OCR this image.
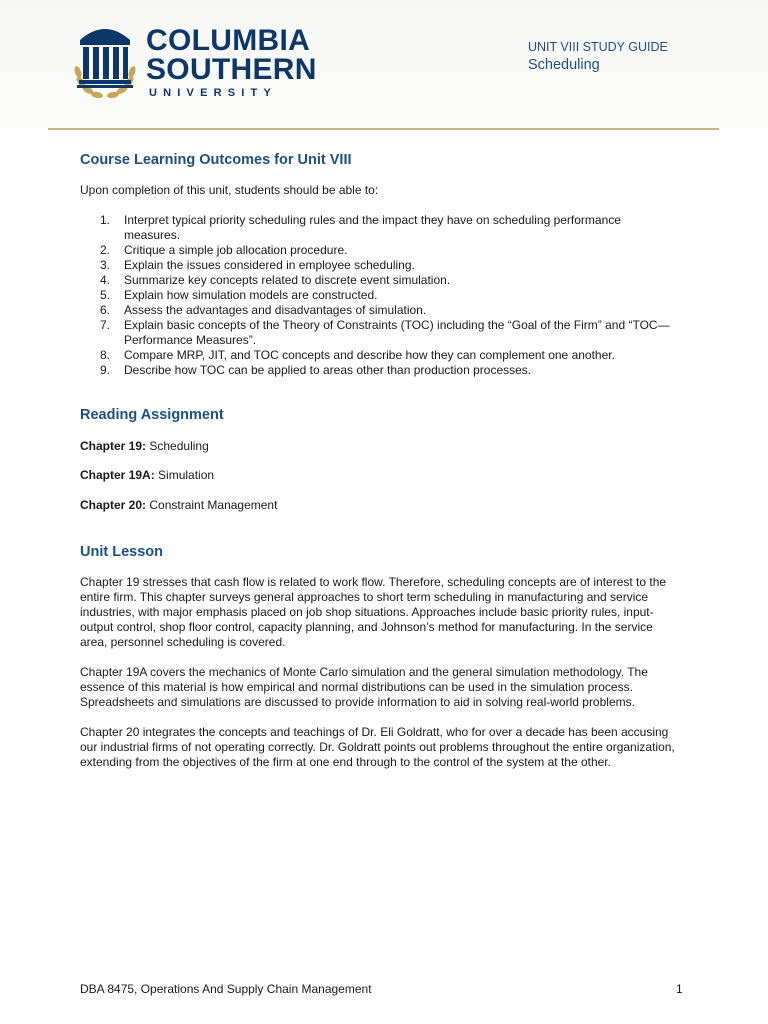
COLUMBIA
SOUTHERN
UNIVERSITY
UNIT VIII STUDY GUIDE
Scheduling
Course Learning Outcomes for Unit VIII

Upon completion of this unit, students should be able to:

1. Interpret typical priority scheduling rules and the impact they have on scheduling performance measures.
2. Critique a simple job allocation procedure.
3. Explain the issues considered in employee scheduling.
4. Summarize key concepts related to discrete event simulation.
5. Explain how simulation models are constructed.
6. Assess the advantages and disadvantages of simulation.
7. Explain basic concepts of the Theory of Constraints (TOC) including the “Goal of the Firm” and “TOC—Performance Measures”.
8. Compare MRP, JIT, and TOC concepts and describe how they can complement one another.
9. Describe how TOC can be applied to areas other than production processes.
Reading Assignment

Chapter 19: Scheduling

Chapter 19A: Simulation

Chapter 20: Constraint Management

Unit Lesson

Chapter 19 stresses that cash flow is related to work flow. Therefore, scheduling concepts are of interest to the entire firm. This chapter surveys general approaches to short term scheduling in manufacturing and service industries, with major emphasis placed on job shop situations. Approaches include basic priority rules, input-output control, shop floor control, capacity planning, and Johnson’s method for manufacturing. In the service area, personnel scheduling is covered.

Chapter 19A covers the mechanics of Monte Carlo simulation and the general simulation methodology. The essence of this material is how empirical and normal distributions can be used in the simulation process. Spreadsheets and simulations are discussed to provide information to aid in solving real-world problems.

Chapter 20 integrates the concepts and teachings of Dr. Eli Goldratt, who for over a decade has been accusing our industrial firms of not operating correctly. Dr. Goldratt points out problems throughout the entire organization, extending from the objectives of the firm at one end through to the control of the system at the other.

DBA 8475, Operations And Supply Chain Management	1
